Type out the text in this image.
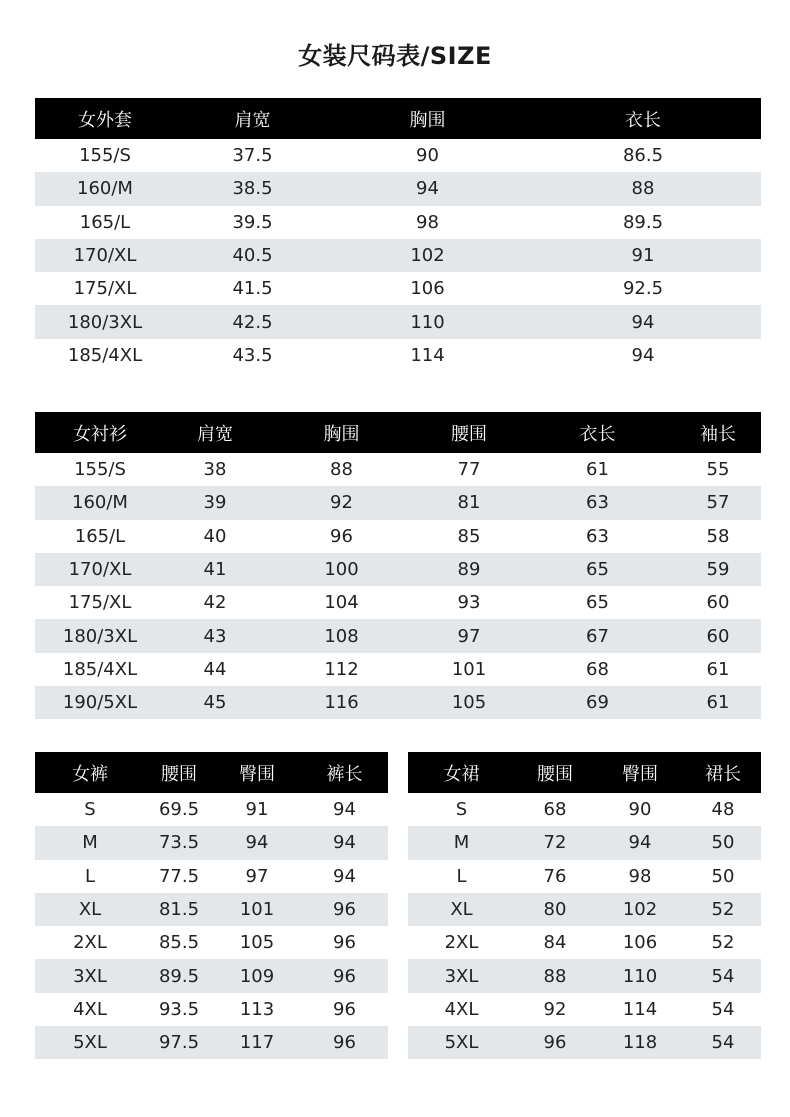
女装尺码表/SIZE
女外套	肩宽	胸围	衣长
155/S	37.5	90	86.5
160/M	38.5	94	88
165/L	39.5	98	89.5
170/XL	40.5	102	91
175/XL	41.5	106	92.5
180/3XL	42.5	110	94
185/4XL	43.5	114	94
女衬衫	肩宽	胸围	腰围	衣长	袖长
155/S	38	88	77	61	55
160/M	39	92	81	63	57
165/L	40	96	85	63	58
170/XL	41	100	89	65	59
175/XL	42	104	93	65	60
180/3XL	43	108	97	67	60
185/4XL	44	112	101	68	61
190/5XL	45	116	105	69	61
女裤	腰围	臀围	裤长
S	69.5	91	94
M	73.5	94	94
L	77.5	97	94
XL	81.5	101	96
2XL	85.5	105	96
3XL	89.5	109	96
4XL	93.5	113	96
5XL	97.5	117	96
女裙	腰围	臀围	裙长
S	68	90	48
M	72	94	50
L	76	98	50
XL	80	102	52
2XL	84	106	52
3XL	88	110	54
4XL	92	114	54
5XL	96	118	54
